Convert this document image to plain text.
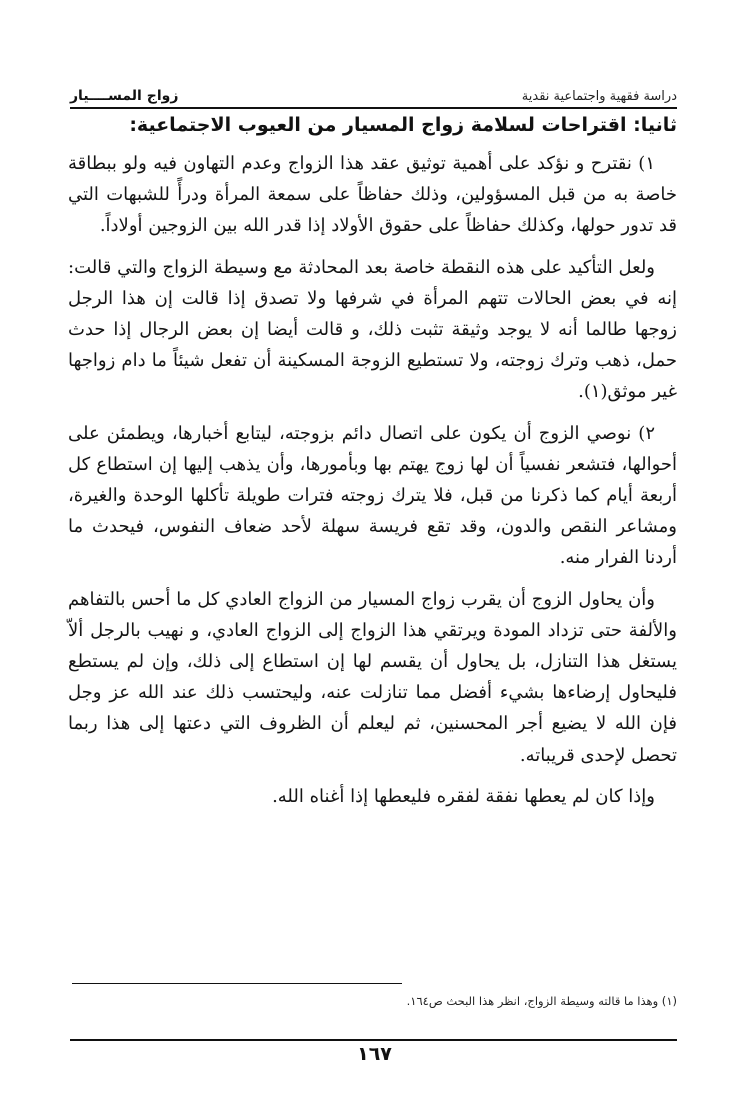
دراسة فقهية واجتماعية نقدية
زواج المســــيار
ثانيا: اقتراحات لسلامة زواج المسيار من العيوب الاجتماعية:

١) نقترح و نؤكد على أهمية توثيق عقد هذا الزواج وعدم التهاون فيه ولو ببطاقة خاصة به من قبل المسؤولين، وذلك حفاظاً على سمعة المرأة ودرأً للشبهات التي قد تدور حولها، وكذلك حفاظاً على حقوق الأولاد إذا قدر الله بين الزوجين أولاداً.

ولعل التأكيد على هذه النقطة خاصة بعد المحادثة مع وسيطة الزواج والتي قالت: إنه في بعض الحالات تتهم المرأة في شرفها ولا تصدق إذا قالت إن هذا الرجل زوجها طالما أنه لا يوجد وثيقة تثبت ذلك، و قالت أيضا إن بعض الرجال إذا حدث حمل، ذهب وترك زوجته، ولا تستطيع الزوجة المسكينة أن تفعل شيئاً ما دام زواجها غير موثق(١).

٢) نوصي الزوج أن يكون على اتصال دائم بزوجته، ليتابع أخبارها، ويطمئن على أحوالها، فتشعر نفسياً أن لها زوج يهتم بها وبأمورها، وأن يذهب إليها إن استطاع كل أربعة أيام كما ذكرنا من قبل، فلا يترك زوجته فترات طويلة تأكلها الوحدة والغيرة، ومشاعر النقص والدون، وقد تقع فريسة سهلة لأحد ضعاف النفوس، فيحدث ما أردنا الفرار منه.

وأن يحاول الزوج أن يقرب زواج المسيار من الزواج العادي كل ما أحس بالتفاهم والألفة حتى تزداد المودة ويرتقي هذا الزواج إلى الزواج العادي، و نهيب بالرجل ألاّ يستغل هذا التنازل، بل يحاول أن يقسم لها إن استطاع إلى ذلك، وإن لم يستطع فليحاول إرضاءها بشيء أفضل مما تنازلت عنه، وليحتسب ذلك عند الله عز وجل فإن الله لا يضيع أجر المحسنين، ثم ليعلم أن الظروف التي دعتها إلى هذا ربما تحصل لإحدى قريباته.

وإذا كان لم يعطها نفقة لفقره فليعطها إذا أغناه الله.

(١) وهذا ما قالته وسيطة الزواج، انظر هذا البحث ص١٦٤.
١٦٧
